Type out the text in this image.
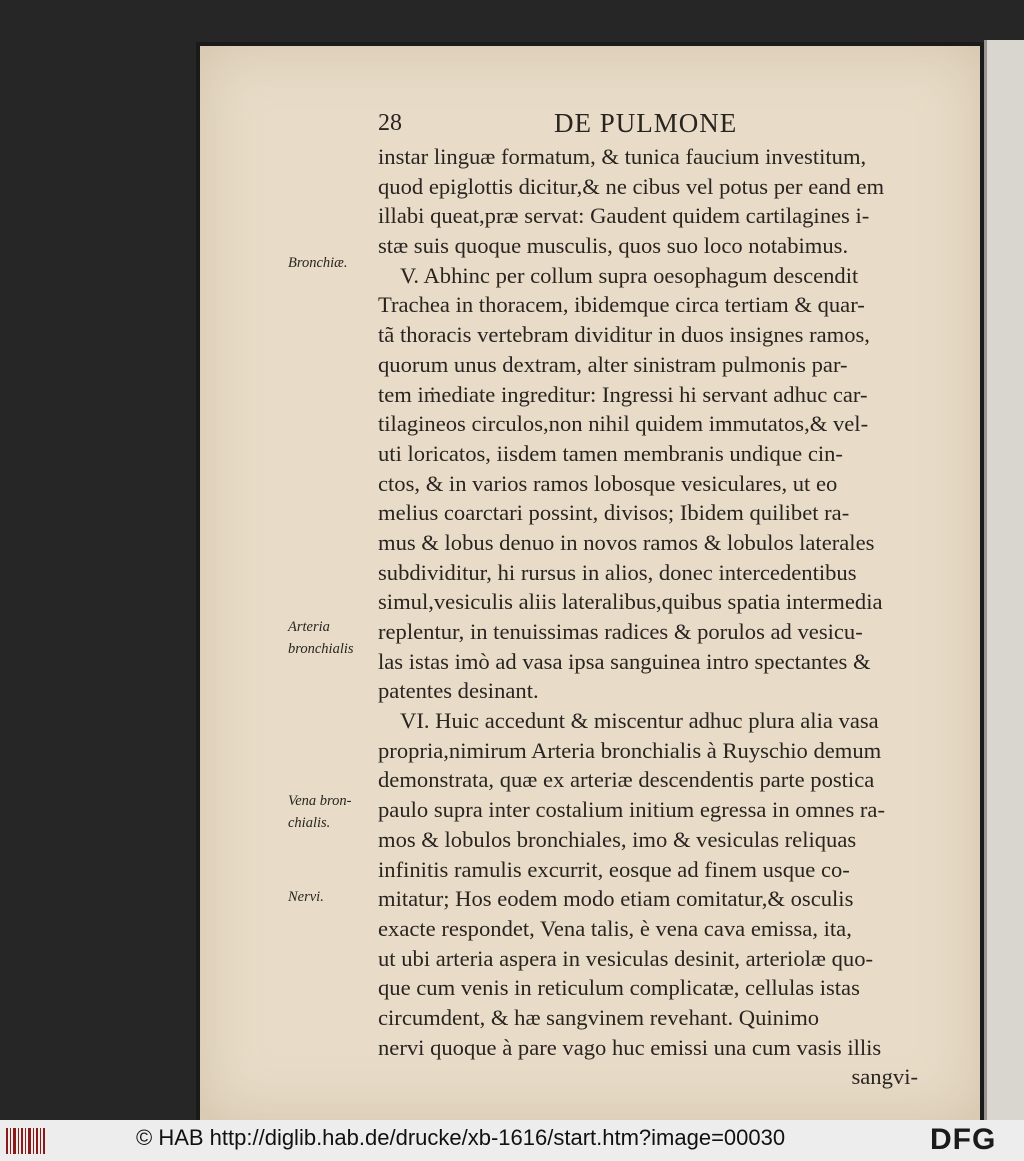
28	DE PULMONE
instar linguæ formatum, & tunica faucium investitum,
quod epiglottis dicitur,& ne cibus vel potus per eand em
illabi queat,præ servat: Gaudent quidem cartilagines i-
stæ suis quoque musculis, quos suo loco notabimus.
V. Abhinc per collum supra oesophagum descendit
Trachea in thoracem, ibidemque circa tertiam & quar-
tã thoracis vertebram dividitur in duos insignes ramos,
quorum unus dextram, alter sinistram pulmonis par-
tem iṁediate ingreditur: Ingressi hi servant adhuc car-
tilagineos circulos,non nihil quidem immutatos,& vel-
uti loricatos, iisdem tamen membranis undique cin-
ctos, & in varios ramos lobosque vesiculares, ut eo
melius coarctari possint, divisos; Ibidem quilibet ra-
mus & lobus denuo in novos ramos & lobulos laterales
subdividitur, hi rursus in alios, donec intercedentibus
simul,vesiculis aliis lateralibus,quibus spatia intermedia
replentur, in tenuissimas radices & porulos ad vesicu-
las istas imò ad vasa ipsa sanguinea intro spectantes &
patentes desinant.
VI. Huic accedunt & miscentur adhuc plura alia vasa
propria,nimirum Arteria bronchialis à Ruyschio demum
demonstrata, quæ ex arteriæ descendentis parte postica
paulo supra inter costalium initium egressa in omnes ra-
mos & lobulos bronchiales, imo & vesiculas reliquas
infinitis ramulis excurrit, eosque ad finem usque co-
mitatur; Hos eodem modo etiam comitatur,& osculis
exacte respondet, Vena talis, è vena cava emissa, ita,
ut ubi arteria aspera in vesiculas desinit, arteriolæ quo-
que cum venis in reticulum complicatæ, cellulas istas
circumdent, & hæ sangvinem revehant. Quinimo
nervi quoque à pare vago huc emissi una cum vasis illis
sangvi-
Bronchiæ.
Arteria
bronchialis
Vena bron-
chialis.
Nervi.
© HAB http://diglib.hab.de/drucke/xb-1616/start.htm?image=00030	DFG
